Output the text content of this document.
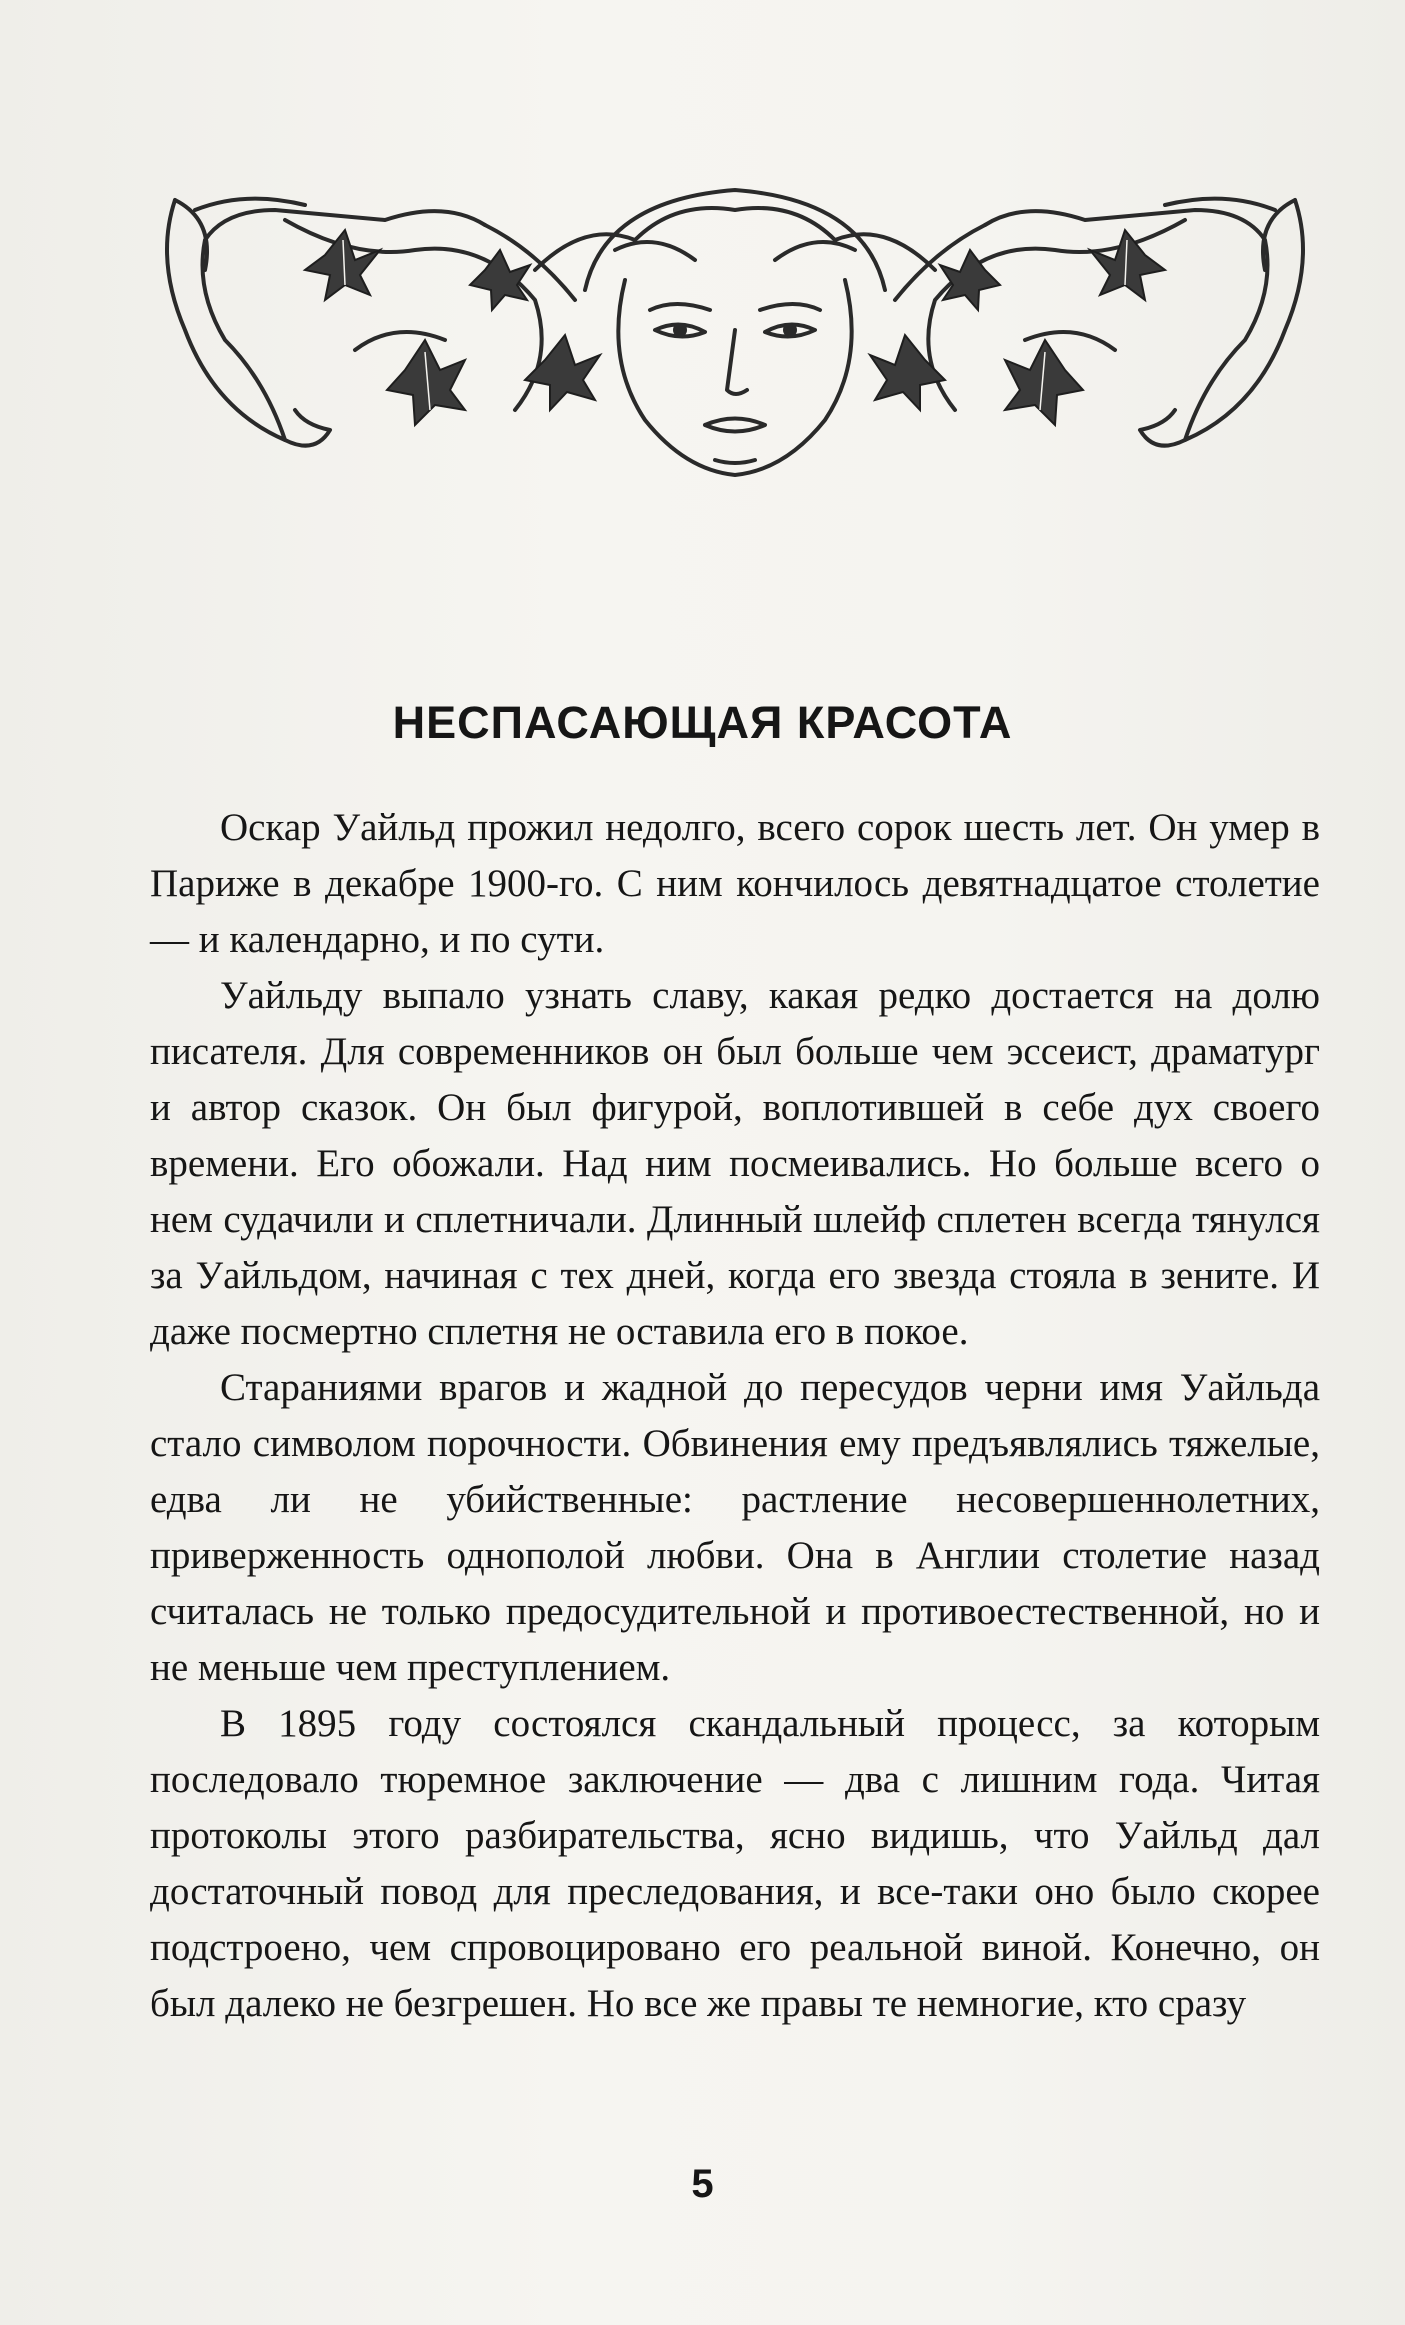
НЕСПАСАЮЩАЯ КРАСОТА

Оскар Уайльд прожил недолго, всего сорок шесть лет. Он умер в Париже в декабре 1900-го. С ним кончилось девятнадцатое столетие — и календарно, и по сути.

Уайльду выпало узнать славу, какая редко достается на долю писателя. Для современников он был больше чем эссеист, драматург и автор сказок. Он был фигурой, воплотившей в себе дух своего времени. Его обожали. Над ним посмеивались. Но больше всего о нем судачили и сплетничали. Длинный шлейф сплетен всегда тянулся за Уайльдом, начиная с тех дней, когда его звезда стояла в зените. И даже посмертно сплетня не оставила его в покое.

Стараниями врагов и жадной до пересудов черни имя Уайльда стало символом порочности. Обвинения ему предъявлялись тяжелые, едва ли не убийственные: растление несовершеннолетних, приверженность однополой любви. Она в Англии столетие назад считалась не только предосудительной и противоестественной, но и не меньше чем преступлением.

В 1895 году состоялся скандальный процесс, за которым последовало тюремное заключение — два с лишним года. Читая протоколы этого разбирательства, ясно видишь, что Уайльд дал достаточный повод для преследования, и все-таки оно было скорее подстроено, чем спровоцировано его реальной виной. Конечно, он был далеко не безгрешен. Но все же правы те немногие, кто сразу

5
